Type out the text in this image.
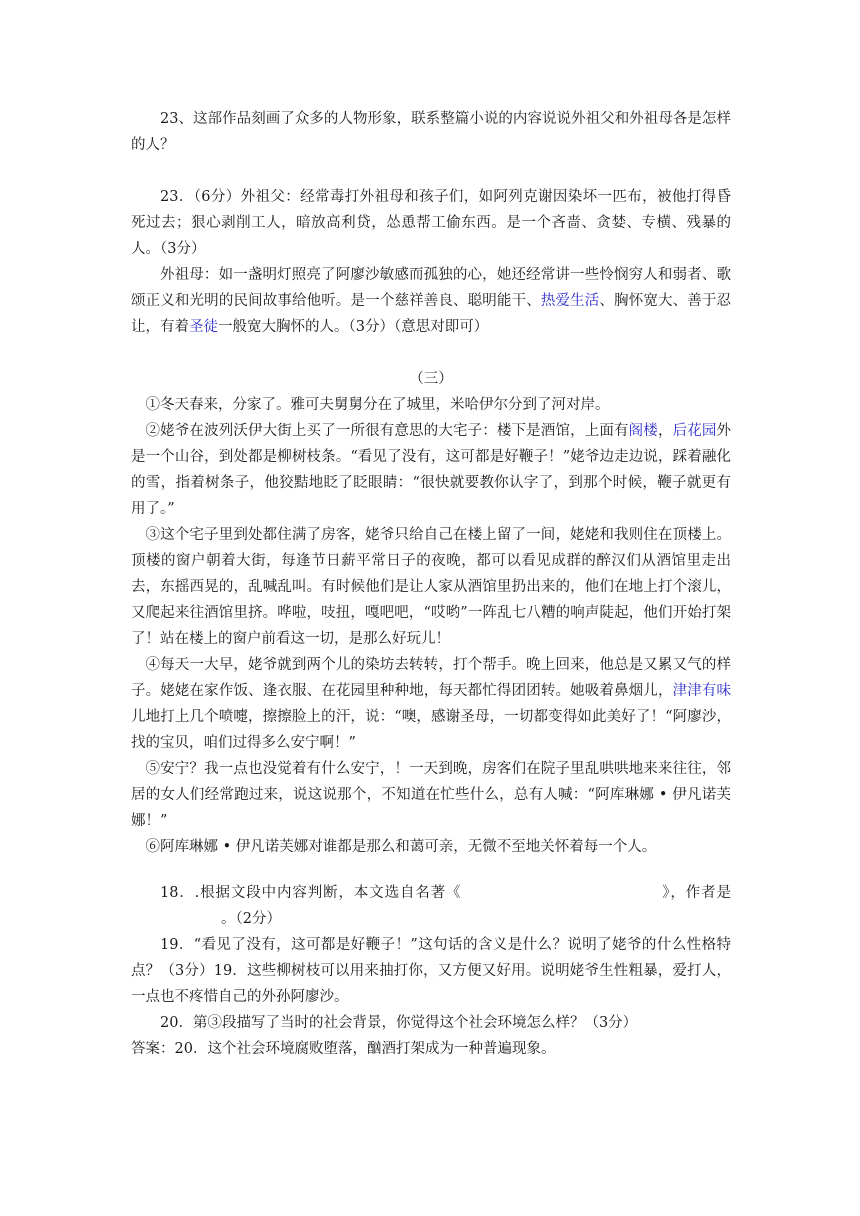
23、这部作品刻画了众多的人物形象，联系整篇小说的内容说说外祖父和外祖母各是怎样的人？

23．（6分）外祖父：经常毒打外祖母和孩子们，如阿列克谢因染坏一匹布，被他打得昏死过去；狠心剥削工人，暗放高利贷，怂恿帮工偷东西。是一个吝啬、贪婪、专横、残暴的人。（3分）

外祖母：如一盏明灯照亮了阿廖沙敏感而孤独的心，她还经常讲一些怜悯穷人和弱者、歌颂正义和光明的民间故事给他听。是一个慈祥善良、聪明能干、热爱生活、胸怀宽大、善于忍让，有着圣徒一般宽大胸怀的人。（3分）（意思对即可）

（三）

①冬天春来，分家了。雅可夫舅舅分在了城里，米哈伊尔分到了河对岸。

②姥爷在波列沃伊大街上买了一所很有意思的大宅子：楼下是酒馆，上面有阁楼，后花园外是一个山谷，到处都是柳树枝条。“看见了没有，这可都是好鞭子！”姥爷边走边说，踩着融化的雪，指着树条子，他狡黠地眨了眨眼睛：“很快就要教你认字了，到那个时候，鞭子就更有用了。”

③这个宅子里到处都住满了房客，姥爷只给自己在楼上留了一间，姥姥和我则住在顶楼上。顶楼的窗户朝着大街，每逢节日薪平常日子的夜晚，都可以看见成群的醉汉们从酒馆里走出去，东摇西晃的，乱喊乱叫。有时候他们是让人家从酒馆里扔出来的，他们在地上打个滚儿，又爬起来往酒馆里挤。哗啦，吱扭，嘎吧吧，“哎哟”一阵乱七八糟的响声陡起，他们开始打架了！站在楼上的窗户前看这一切，是那么好玩儿！

④每天一大早，姥爷就到两个儿的染坊去转转，打个帮手。晚上回来，他总是又累又气的样子。姥姥在家作饭、逢衣服、在花园里种种地，每天都忙得团团转。她吸着鼻烟儿，津津有味儿地打上几个喷嚏，擦擦脸上的汗，说：“噢，感谢圣母，一切都变得如此美好了！“阿廖沙，找的宝贝，咱们过得多么安宁啊！”

⑤安宁？我一点也没觉着有什么安宁，！一天到晚，房客们在院子里乱哄哄地来来往往，邻居的女人们经常跑过来，说这说那个，不知道在忙些什么，总有人喊：“阿库琳娜 • 伊凡诺芙娜！”

⑥阿库琳娜 • 伊凡诺芙娜对谁都是那么和蔼可亲，无微不至地关怀着每一个人。

18．.根据文段中内容判断，本文选自名著《	》，作者是。（2分）

19．“看见了没有，这可都是好鞭子！”这句话的含义是什么？说明了姥爷的什么性格特点？（3分）19．这些柳树枝可以用来抽打你，又方便又好用。说明姥爷生性粗暴，爱打人，一点也不疼惜自己的外孙阿廖沙。

20．第③段描写了当时的社会背景，你觉得这个社会环境怎么样？（3分）

答案：20．这个社会环境腐败堕落，酗酒打架成为一种普遍现象。
